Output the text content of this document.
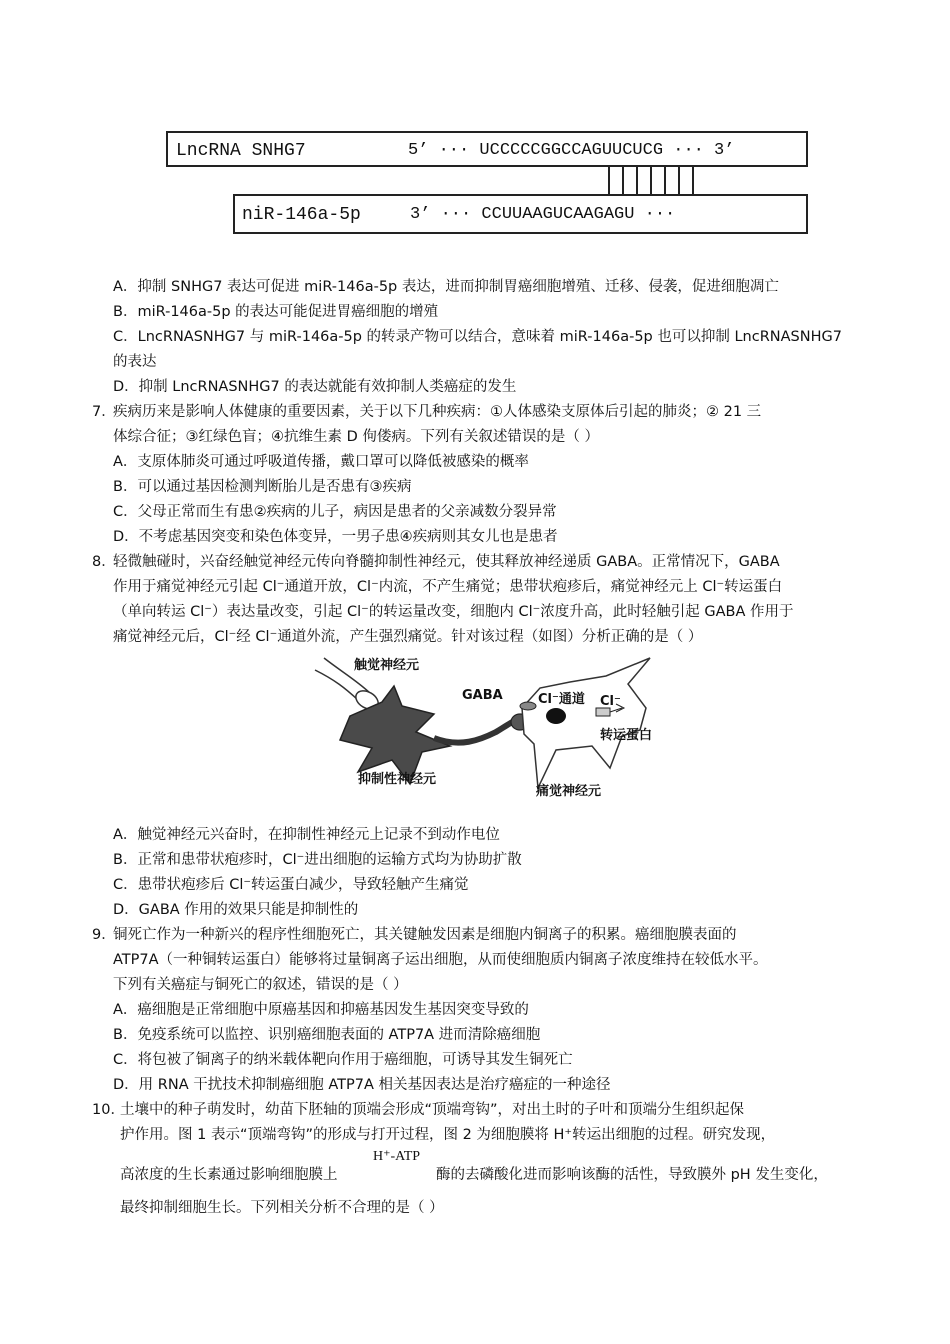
LncRNA SNHG7	5’ ··· UCCCCCGGCCAGUUCUCG ··· 3’
niR-146a-5p	3’ ··· CCUUAAGUCAAGAGU ···
A．抑制 SNHG7 表达可促进 miR-146a-5p 表达，进而抑制胃癌细胞增殖、迁移、侵袭，促进细胞凋亡
B．miR-146a-5p 的表达可能促进胃癌细胞的增殖
C．LncRNASNHG7 与 miR-146a-5p 的转录产物可以结合，意味着 miR-146a-5p 也可以抑制 LncRNASNHG7
的表达
D．抑制 LncRNASNHG7 的表达就能有效抑制人类癌症的发生
7．
疾病历来是影响人体健康的重要因素，关于以下几种疾病：①人体感染支原体后引起的肺炎；② 21 三
体综合征；③红绿色盲；④抗维生素 D 佝偻病。下列有关叙述错误的是（ ）
A．支原体肺炎可通过呼吸道传播，戴口罩可以降低被感染的概率
B．可以通过基因检测判断胎儿是否患有③疾病
C．父母正常而生有患②疾病的儿子，病因是患者的父亲减数分裂异常
D．不考虑基因突变和染色体变异，一男子患④疾病则其女儿也是患者
8．
轻微触碰时，兴奋经触觉神经元传向脊髓抑制性神经元，使其释放神经递质 GABA。正常情况下，GABA
作用于痛觉神经元引起 Cl⁻通道开放，Cl⁻内流，不产生痛觉；患带状疱疹后，痛觉神经元上 Cl⁻转运蛋白
（单向转运 Cl⁻）表达量改变，引起 Cl⁻的转运量改变，细胞内 Cl⁻浓度升高，此时轻触引起 GABA 作用于
痛觉神经元后，Cl⁻经 Cl⁻通道外流，产生强烈痛觉。针对该过程（如图）分析正确的是（ ）
触觉神经元
GABA	Cl⁻通道 Cl⁻
转运蛋白
抑制性神经元
痛觉神经元
A．触觉神经元兴奋时，在抑制性神经元上记录不到动作电位
B．正常和患带状疱疹时，Cl⁻进出细胞的运输方式均为协助扩散
C．患带状疱疹后 Cl⁻转运蛋白减少，导致轻触产生痛觉
D．GABA 作用的效果只能是抑制性的
9．
铜死亡作为一种新兴的程序性细胞死亡，其关键触发因素是细胞内铜离子的积累。癌细胞膜表面的
ATP7A（一种铜转运蛋白）能够将过量铜离子运出细胞，从而使细胞质内铜离子浓度维持在较低水平。
下列有关癌症与铜死亡的叙述，错误的是（ ）
A．癌细胞是正常细胞中原癌基因和抑癌基因发生基因突变导致的
B．免疫系统可以监控、识别癌细胞表面的 ATP7A 进而清除癌细胞
C．将包被了铜离子的纳米载体靶向作用于癌细胞，可诱导其发生铜死亡
D．用 RNA 干扰技术抑制癌细胞 ATP7A 相关基因表达是治疗癌症的一种途径
10．
土壤中的种子萌发时，幼苗下胚轴的顶端会形成“顶端弯钩”，对出土时的子叶和顶端分生组织起保
护作用。图 1 表示“顶端弯钩”的形成与打开过程，图 2 为细胞膜将 H⁺转运出细胞的过程。研究发现，
高浓度的生长素通过影响细胞膜上
H⁺-ATP
酶的去磷酸化进而影响该酶的活性，导致膜外 pH 发生变化，
最终抑制细胞生长。下列相关分析不合理的是（ ）
